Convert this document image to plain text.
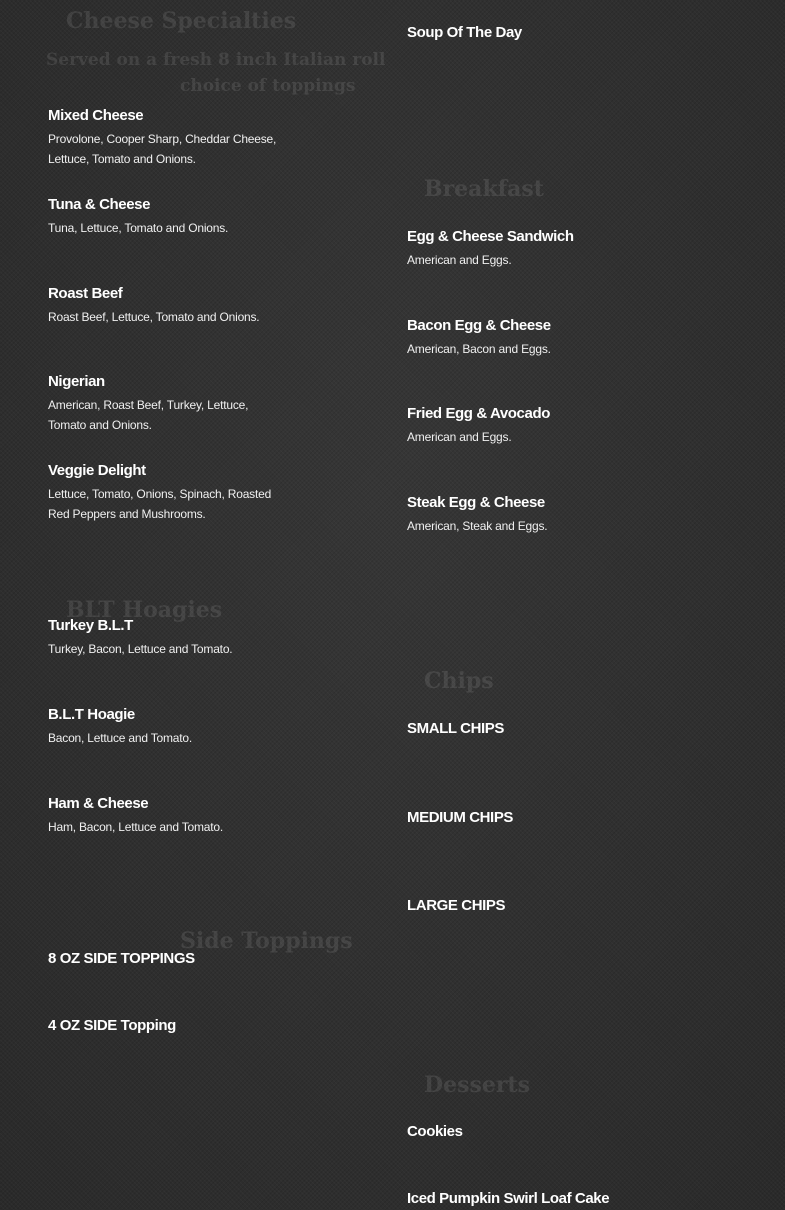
Cheese Specialties
Served on a fresh 8 inch Italian roll
choice of toppings
BLT Hoagies
Side Toppings
Breakfast
Chips
Desserts
Mixed Cheese
Provolone, Cooper Sharp, Cheddar Cheese, Lettuce, Tomato and Onions.
Tuna & Cheese
Tuna, Lettuce, Tomato and Onions.
Roast Beef
Roast Beef, Lettuce, Tomato and Onions.
Nigerian
American, Roast Beef, Turkey, Lettuce, Tomato and Onions.
Veggie Delight
Lettuce, Tomato, Onions, Spinach, Roasted Red Peppers and Mushrooms.
Turkey B.L.T
Turkey, Bacon, Lettuce and Tomato.
B.L.T Hoagie
Bacon, Lettuce and Tomato.
Ham & Cheese
Ham, Bacon, Lettuce and Tomato.
8 OZ SIDE TOPPINGS
4 OZ SIDE Topping
Soup Of The Day
Egg & Cheese Sandwich
American and Eggs.
Bacon Egg & Cheese
American, Bacon and Eggs.
Fried Egg & Avocado
American and Eggs.
Steak Egg & Cheese
American, Steak and Eggs.
SMALL CHIPS
MEDIUM CHIPS
LARGE CHIPS
Cookies
Iced Pumpkin Swirl Loaf Cake
